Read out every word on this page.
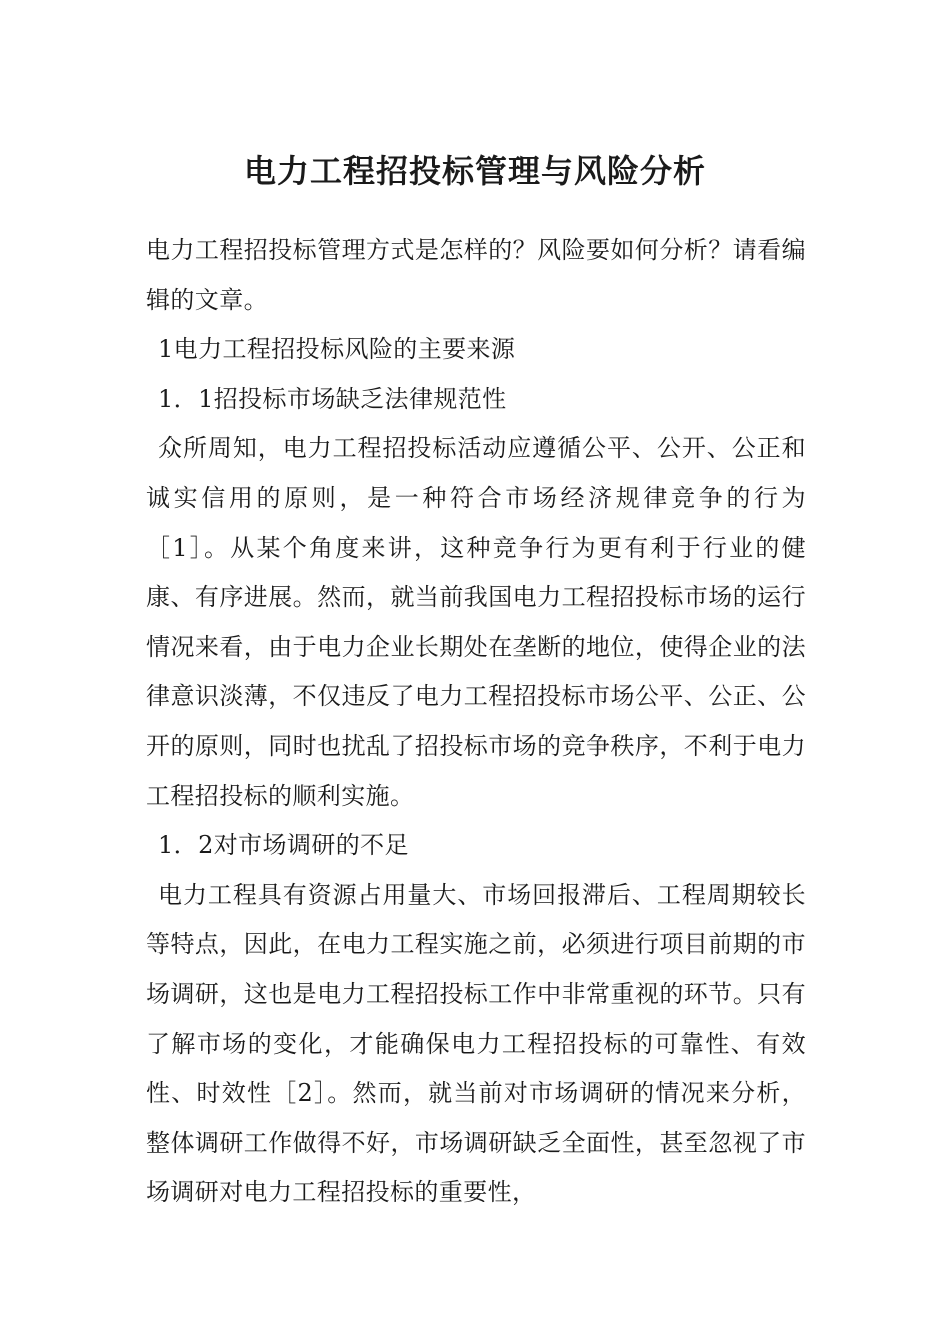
电力工程招投标管理与风险分析

电力工程招投标管理方式是怎样的？风险要如何分析？请看编辑的文章。

1电力工程招投标风险的主要来源

1．1招投标市场缺乏法律规范性

众所周知，电力工程招投标活动应遵循公平、公开、公正和诚实信用的原则，是一种符合市场经济规律竞争的行为［1］。从某个角度来讲，这种竞争行为更有利于行业的健康、有序进展。然而，就当前我国电力工程招投标市场的运行情况来看，由于电力企业长期处在垄断的地位，使得企业的法律意识淡薄，不仅违反了电力工程招投标市场公平、公正、公开的原则，同时也扰乱了招投标市场的竞争秩序，不利于电力工程招投标的顺利实施。

1．2对市场调研的不足

电力工程具有资源占用量大、市场回报滞后、工程周期较长等特点，因此，在电力工程实施之前，必须进行项目前期的市场调研，这也是电力工程招投标工作中非常重视的环节。只有了解市场的变化，才能确保电力工程招投标的可靠性、有效性、时效性［2］。然而，就当前对市场调研的情况来分析，整体调研工作做得不好，市场调研缺乏全面性，甚至忽视了市场调研对电力工程招投标的重要性，
